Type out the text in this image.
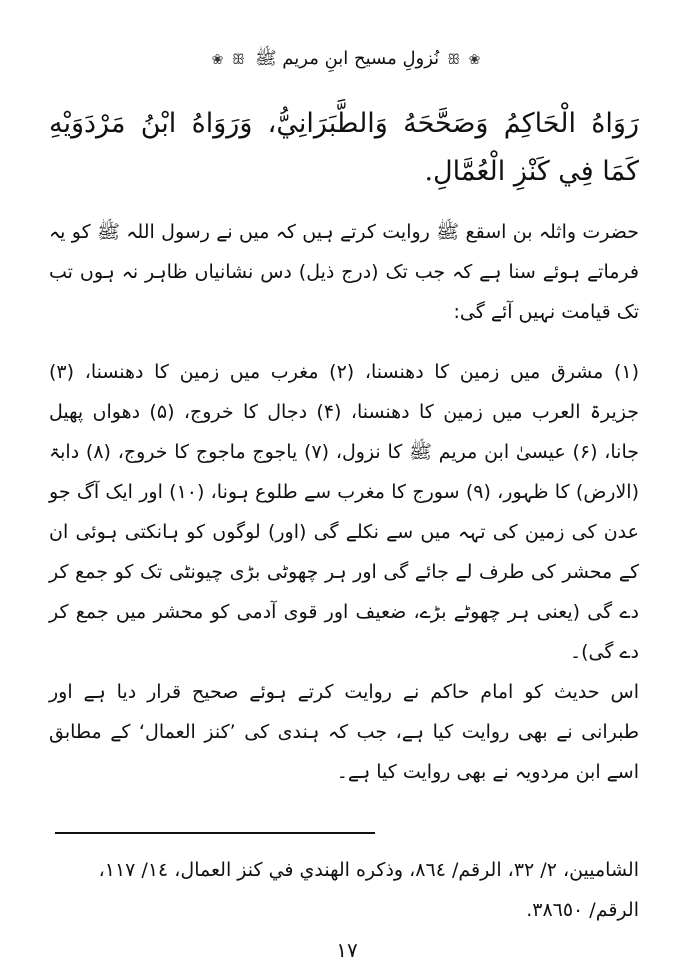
❀ ꕥ
نُزولِ مسیح ابنِ مریم ﷺ
ꕥ ❀
رَوَاهُ الْحَاكِمُ وَصَحَّحَهُ وَالطَّبَرَانِيُّ، وَرَوَاهُ ابْنُ مَرْدَوَيْهِ كَمَا فِي كَنْزِ الْعُمَّالِ.
حضرت واثلہ بن اسقع ﷺ روایت کرتے ہیں کہ میں نے رسول اللہ ﷺ کو یہ فرماتے ہوئے سنا ہے کہ جب تک (درج ذیل) دس نشانیاں ظاہر نہ ہوں تب تک قیامت نہیں آئے گی:
(۱) مشرق میں زمین کا دھنسنا، (۲) مغرب میں زمین کا دھنسنا، (۳) جزیرۃ العرب میں زمین کا دھنسنا، (۴) دجال کا خروج، (۵) دھواں پھیل جانا، (۶) عیسیٰ ابن مریم ﷺ کا نزول، (۷) یاجوج ماجوج کا خروج، (۸) دابۃ (الارض) کا ظہور، (۹) سورج کا مغرب سے طلوع ہونا، (۱۰) اور ایک آگ جو عدن کی زمین کی تہہ میں سے نکلے گی (اور) لوگوں کو ہانکتی ہوئی ان کے محشر کی طرف لے جائے گی اور ہر چھوٹی بڑی چیونٹی تک کو جمع کر دے گی (یعنی ہر چھوٹے بڑے، ضعیف اور قوی آدمی کو محشر میں جمع کر دے گی)۔
اس حدیث کو امام حاکم نے روایت کرتے ہوئے صحیح قرار دیا ہے اور طبرانی نے بھی روایت کیا ہے، جب کہ ہندی کی ’کنز العمال‘ کے مطابق اسے ابن مردویہ نے بھی روایت کیا ہے۔
الشاميين، ٢/ ٣٢، الرقم/ ٨٦٤، وذكره الهندي في كنز العمال، ١٤/ ١١٧، الرقم/ ٣٨٦٥٠.
۱۷
